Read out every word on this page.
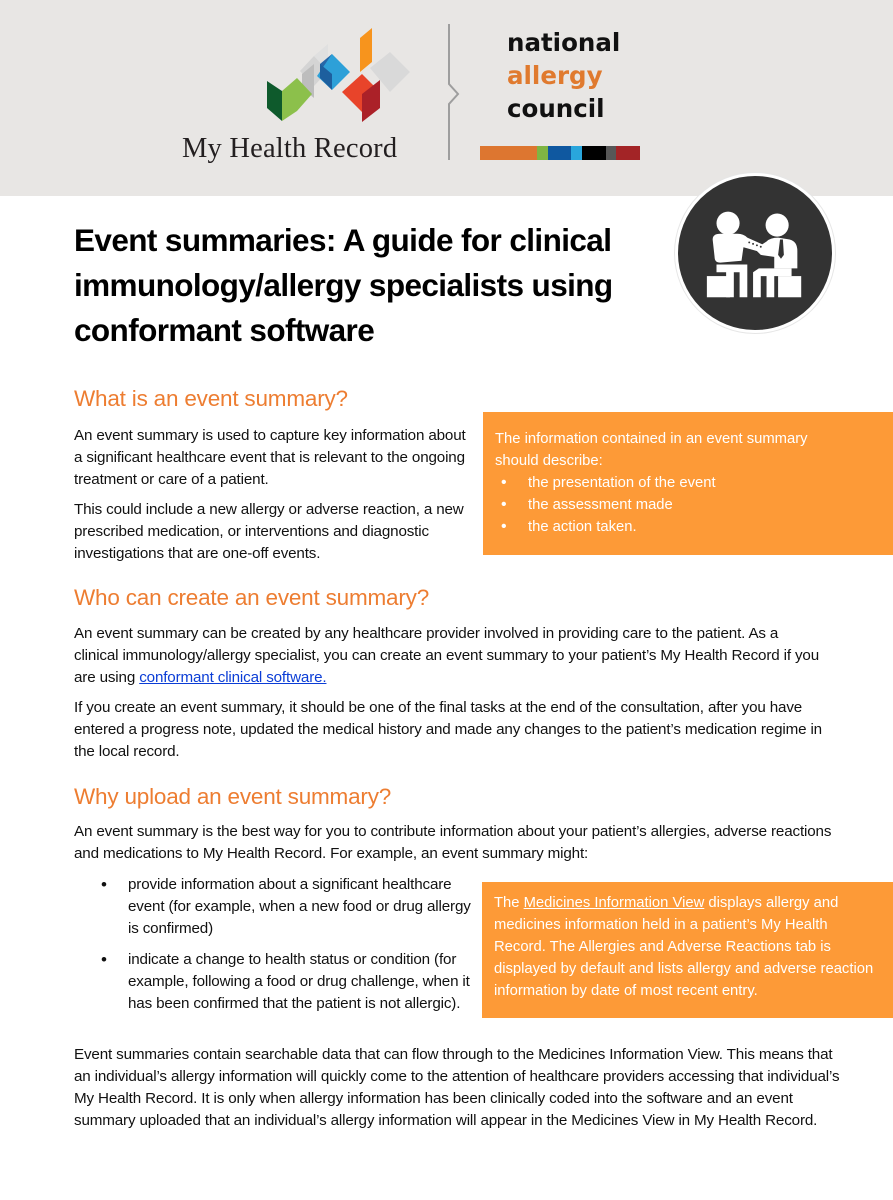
My Health Record
national
allergy
council
Event summaries: A guide for clinical immunology/allergy specialists using conformant software
What is an event summary?

An event summary is used to capture key information about a significant healthcare event that is relevant to the ongoing treatment or care of a patient.

This could include a new allergy or adverse reaction, a new prescribed medication, or interventions and diagnostic investigations that are one-off events.

The information contained in an event summary should describe:
• the presentation of the event
• the assessment made
• the action taken.
Who can create an event summary?

An event summary can be created by any healthcare provider involved in providing care to the patient. As a clinical immunology/allergy specialist, you can create an event summary to your patient’s My Health Record if you are using conformant clinical software.

If you create an event summary, it should be one of the final tasks at the end of the consultation, after you have entered a progress note, updated the medical history and made any changes to the patient’s medication regime in the local record.

Why upload an event summary?

An event summary is the best way for you to contribute information about your patient’s allergies, adverse reactions and medications to My Health Record. For example, an event summary might:

• provide information about a significant healthcare event (for example, when a new food or drug allergy is confirmed)
• indicate a change to health status or condition (for example, following a food or drug challenge, when it has been confirmed that the patient is not allergic).
The Medicines Information View displays allergy and medicines information held in a patient’s My Health Record. The Allergies and Adverse Reactions tab is displayed by default and lists allergy and adverse reaction information by date of most recent entry.

Event summaries contain searchable data that can flow through to the Medicines Information View. This means that an individual’s allergy information will quickly come to the attention of healthcare providers accessing that individual’s My Health Record. It is only when allergy information has been clinically coded into the software and an event summary uploaded that an individual’s allergy information will appear in the Medicines View in My Health Record.
